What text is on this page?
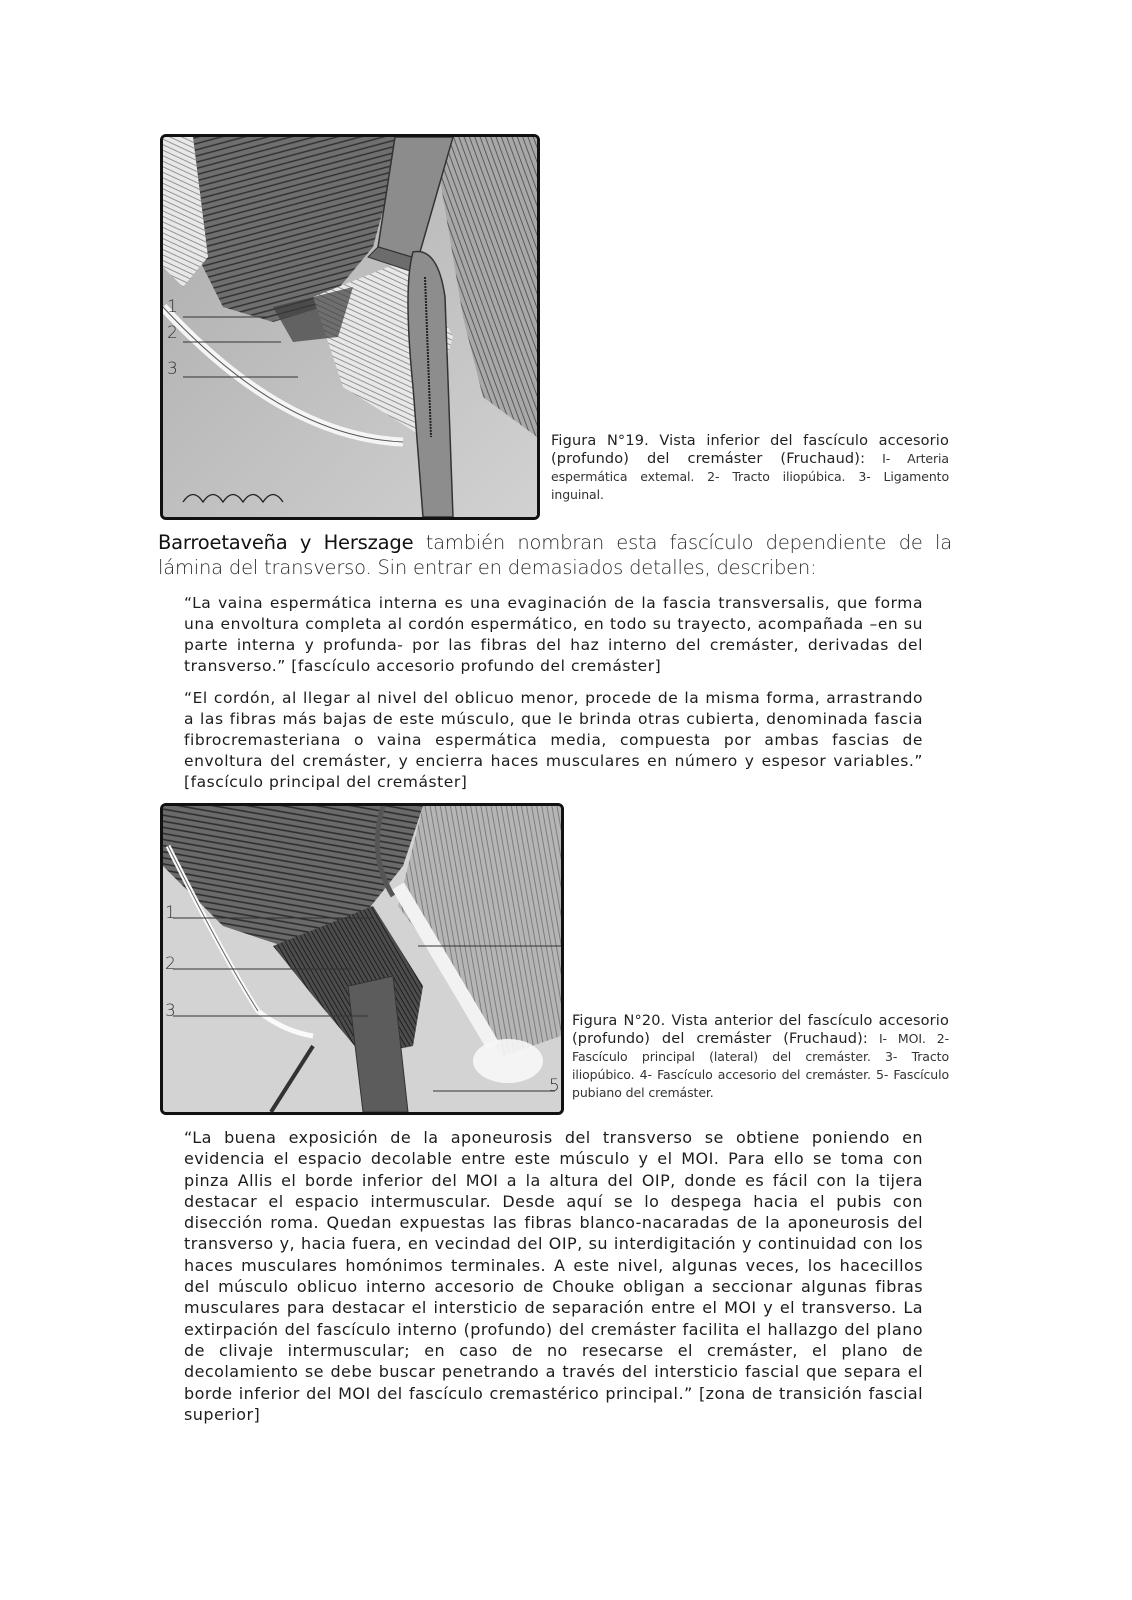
1
2
3
Figura N°19. Vista inferior del fascículo accesorio (profundo) del cremáster (Fruchaud): I- Arteria espermática extemal. 2- Tracto iliopúbica. 3- Ligamento inguinal.
Barroetaveña y Herszage también nombran esta fascículo dependiente de la lámina del transverso. Sin entrar en demasiados detalles, describen:
“La vaina espermática interna es una evaginación de la fascia transversalis, que forma una envoltura completa al cordón espermático, en todo su trayecto, acompañada –en su parte interna y profunda- por las fibras del haz interno del cremáster, derivadas del transverso.” [fascículo accesorio profundo del cremáster]
“El cordón, al llegar al nivel del oblicuo menor, procede de la misma forma, arrastrando a las fibras más bajas de este músculo, que le brinda otras cubierta, denominada fascia fibrocremasteriana o vaina espermática media, compuesta por ambas fascias de envoltura del cremáster, y encierra haces musculares en número y espesor variables.” [fascículo principal del cremáster]
1
2
3
5
Figura N°20. Vista anterior del fascículo accesorio (profundo) del cremáster (Fruchaud): I- MOI. 2- Fascículo principal (lateral) del cremáster. 3- Tracto iliopúbico. 4- Fascículo accesorio del cremáster. 5- Fascículo pubiano del cremáster.
“La buena exposición de la aponeurosis del transverso se obtiene poniendo en evidencia el espacio decolable entre este músculo y el MOI. Para ello se toma con pinza Allis el borde inferior del MOI a la altura del OIP, donde es fácil con la tijera destacar el espacio intermuscular. Desde aquí se lo despega hacia el pubis con disección roma. Quedan expuestas las fibras blanco-nacaradas de la aponeurosis del transverso y, hacia fuera, en vecindad del OIP, su interdigitación y continuidad con los haces musculares homónimos terminales. A este nivel, algunas veces, los hacecillos del músculo oblicuo interno accesorio de Chouke obligan a seccionar algunas fibras musculares para destacar el intersticio de separación entre el MOI y el transverso. La extirpación del fascículo interno (profundo) del cremáster facilita el hallazgo del plano de clivaje intermuscular; en caso de no resecarse el cremáster, el plano de decolamiento se debe buscar penetrando a través del intersticio fascial que separa el borde inferior del MOI del fascículo cremastérico principal.” [zona de transición fascial superior]
